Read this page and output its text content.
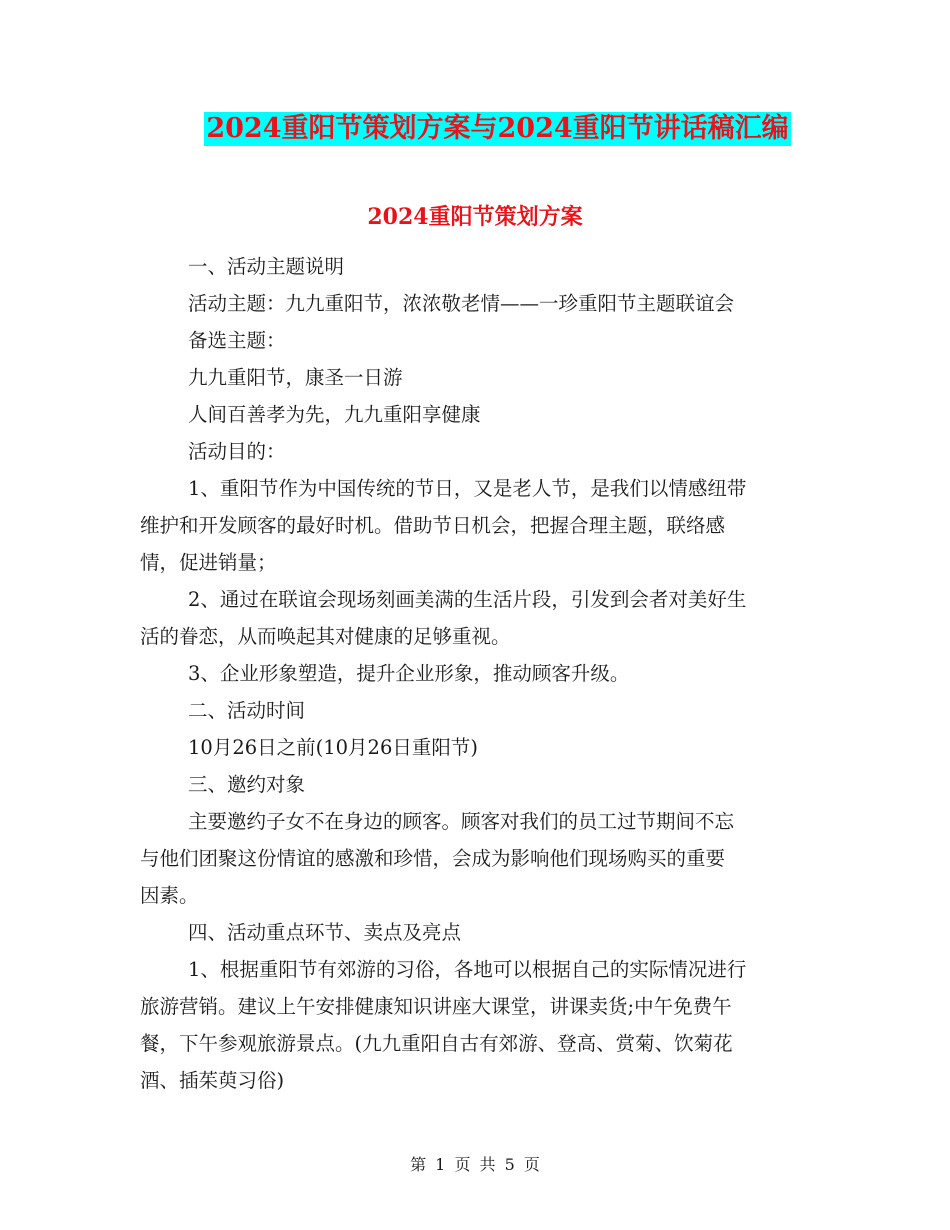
2024重阳节策划方案与2024重阳节讲话稿汇编
2024重阳节策划方案
一、活动主题说明
活动主题：九九重阳节，浓浓敬老情——一珍重阳节主题联谊会
备选主题：
九九重阳节，康圣一日游
人间百善孝为先，九九重阳享健康
活动目的：
1、重阳节作为中国传统的节日，又是老人节，是我们以情感纽带
维护和开发顾客的最好时机。借助节日机会，把握合理主题，联络感
情，促进销量；
2、通过在联谊会现场刻画美满的生活片段，引发到会者对美好生
活的眷恋，从而唤起其对健康的足够重视。
3、企业形象塑造，提升企业形象，推动顾客升级。
二、活动时间
10月26日之前(10月26日重阳节)
三、邀约对象
主要邀约子女不在身边的顾客。顾客对我们的员工过节期间不忘
与他们团聚这份情谊的感激和珍惜，会成为影响他们现场购买的重要
因素。
四、活动重点环节、卖点及亮点
1、根据重阳节有郊游的习俗，各地可以根据自己的实际情况进行
旅游营销。建议上午安排健康知识讲座大课堂，讲课卖货;中午免费午
餐，下午参观旅游景点。(九九重阳自古有郊游、登高、赏菊、饮菊花
酒、插茱萸习俗)
第 1 页 共 5 页
